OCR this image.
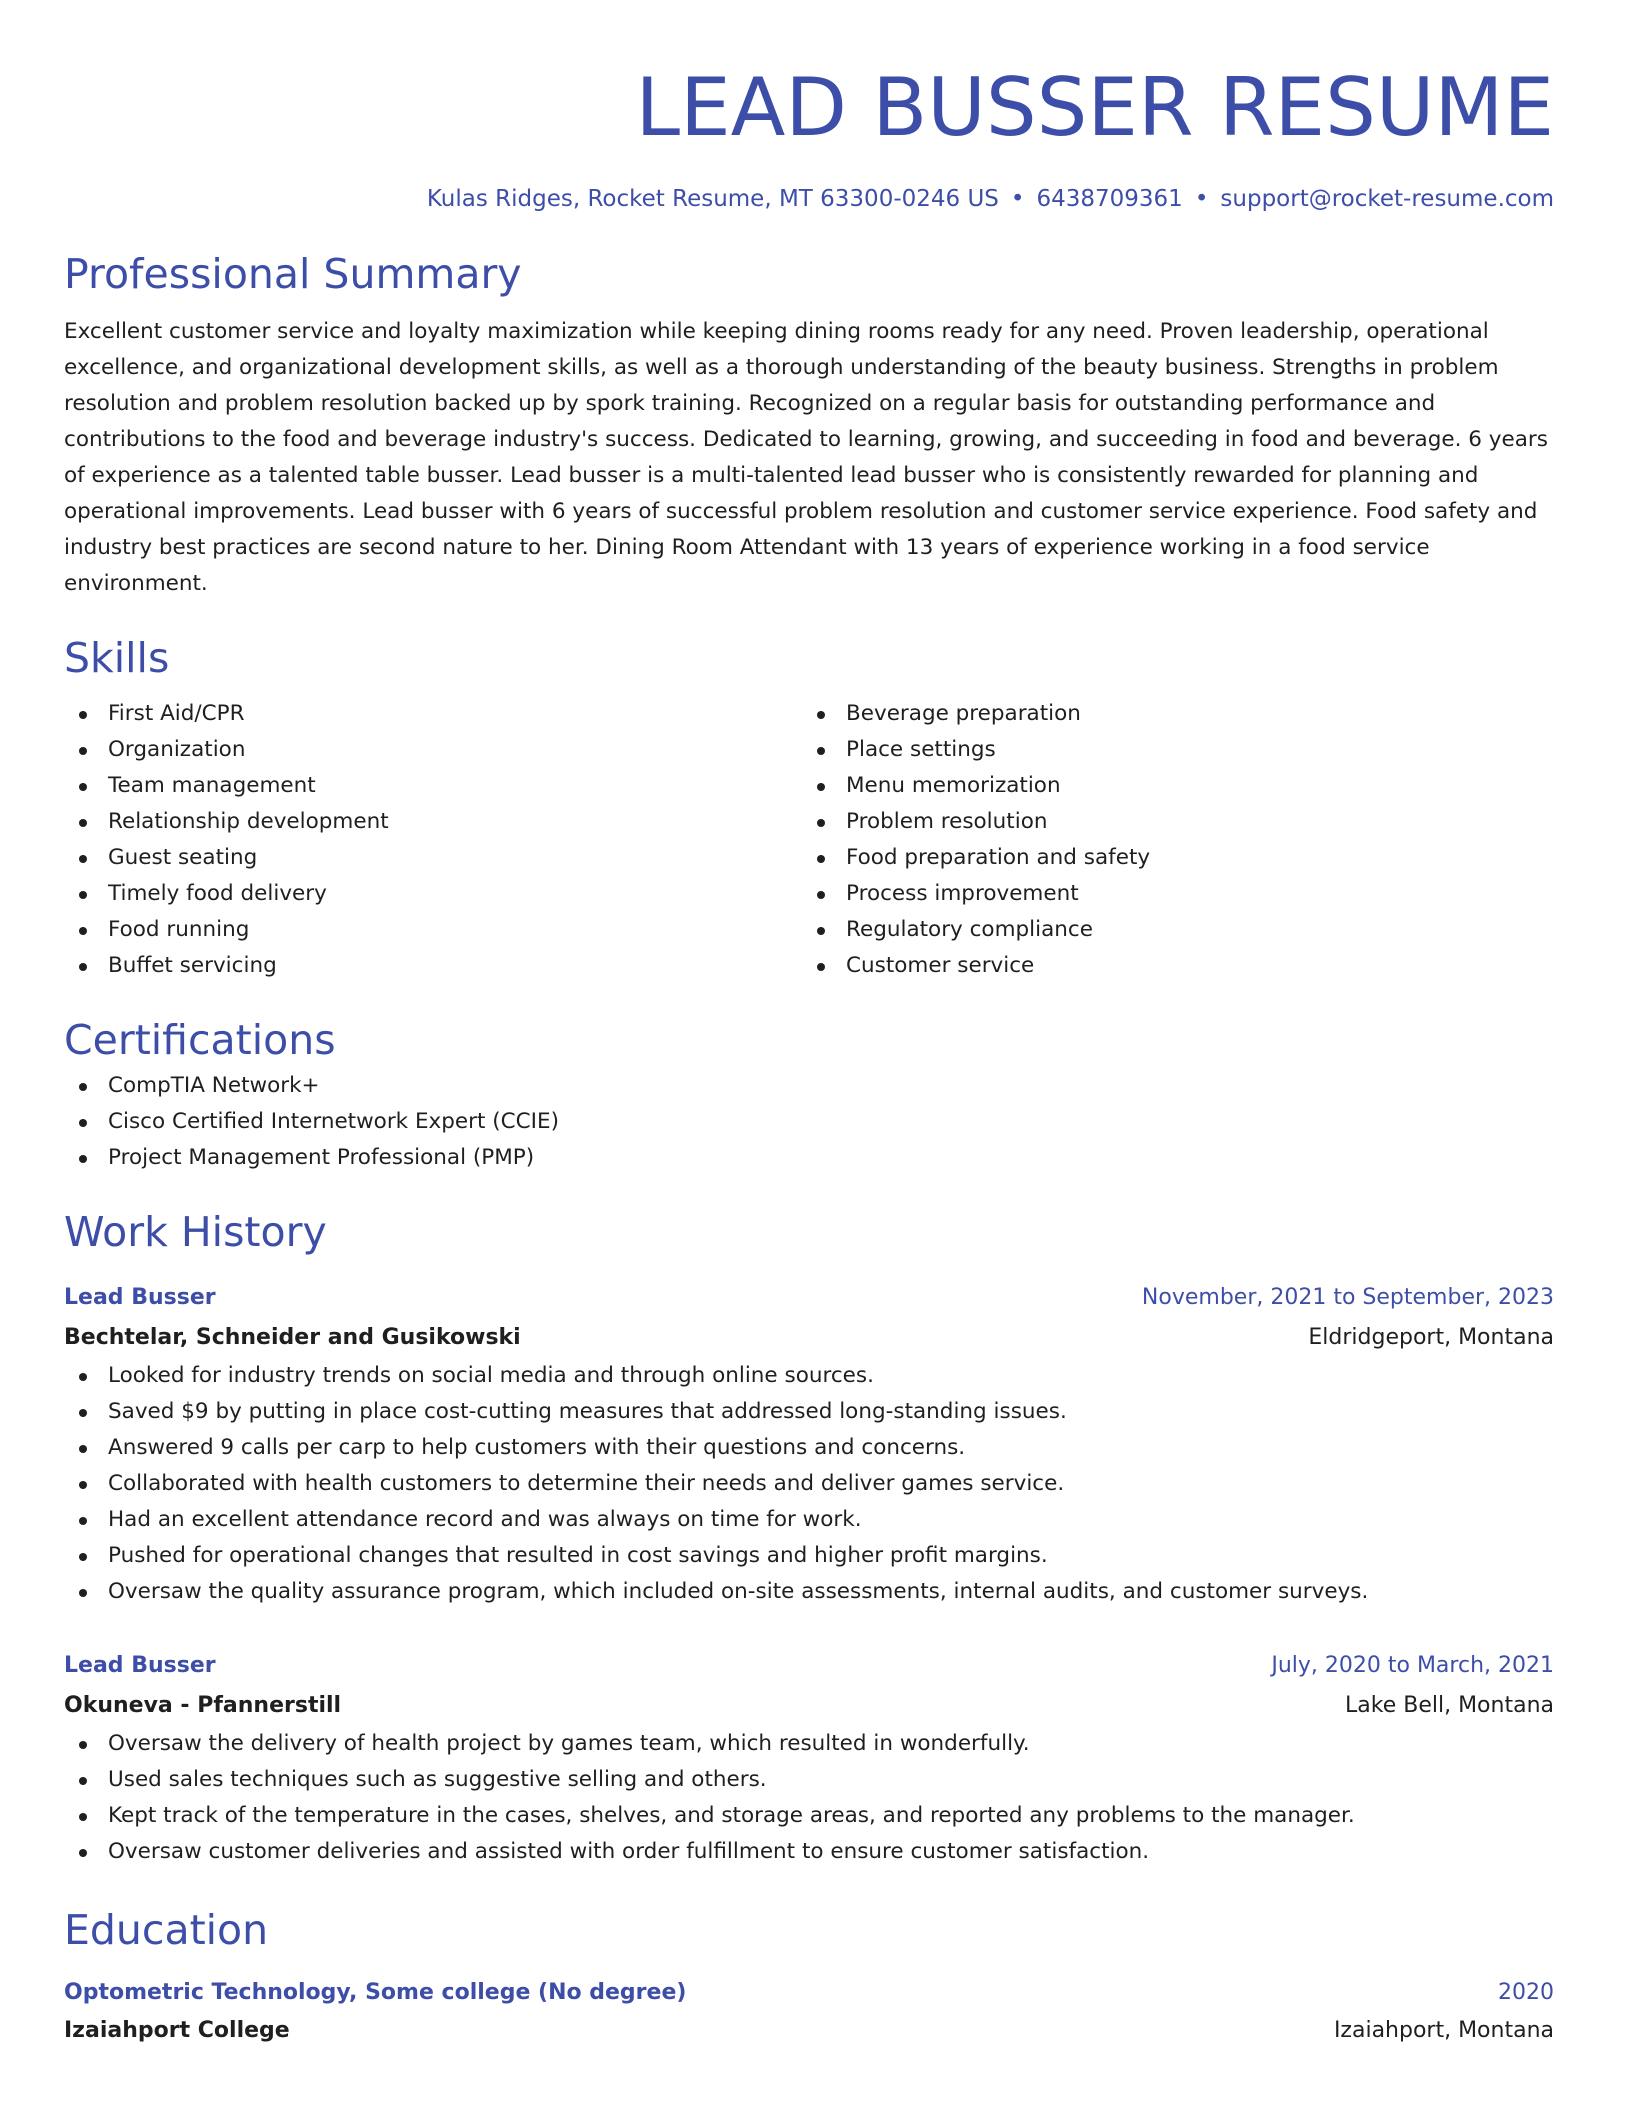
LEAD BUSSER RESUME
Kulas Ridges, Rocket Resume, MT 63300-0246 US • 6438709361 • support@rocket-resume.com
Professional Summary
Excellent customer service and loyalty maximization while keeping dining rooms ready for any need. Proven leadership, operational excellence, and organizational development skills, as well as a thorough understanding of the beauty business. Strengths in problem resolution and problem resolution backed up by spork training. Recognized on a regular basis for outstanding performance and contributions to the food and beverage industry's success. Dedicated to learning, growing, and succeeding in food and beverage. 6 years of experience as a talented table busser. Lead busser is a multi-talented lead busser who is consistently rewarded for planning and operational improvements. Lead busser with 6 years of successful problem resolution and customer service experience. Food safety and industry best practices are second nature to her. Dining Room Attendant with 13 years of experience working in a food service environment.
Skills
First Aid/CPR
Organization
Team management
Relationship development
Guest seating
Timely food delivery
Food running
Buffet servicing
Beverage preparation
Place settings
Menu memorization
Problem resolution
Food preparation and safety
Process improvement
Regulatory compliance
Customer service
Certifications
CompTIA Network+
Cisco Certified Internetwork Expert (CCIE)
Project Management Professional (PMP)
Work History
Lead Busser	November, 2021 to September, 2023
Bechtelar, Schneider and Gusikowski	Eldridgeport, Montana
Looked for industry trends on social media and through online sources.
Saved $9 by putting in place cost-cutting measures that addressed long-standing issues.
Answered 9 calls per carp to help customers with their questions and concerns.
Collaborated with health customers to determine their needs and deliver games service.
Had an excellent attendance record and was always on time for work.
Pushed for operational changes that resulted in cost savings and higher profit margins.
Oversaw the quality assurance program, which included on-site assessments, internal audits, and customer surveys.
Lead Busser	July, 2020 to March, 2021
Okuneva - Pfannerstill	Lake Bell, Montana
Oversaw the delivery of health project by games team, which resulted in wonderfully.
Used sales techniques such as suggestive selling and others.
Kept track of the temperature in the cases, shelves, and storage areas, and reported any problems to the manager.
Oversaw customer deliveries and assisted with order fulfillment to ensure customer satisfaction.
Education
Optometric Technology, Some college (No degree)	2020
Izaiahport College	Izaiahport, Montana
